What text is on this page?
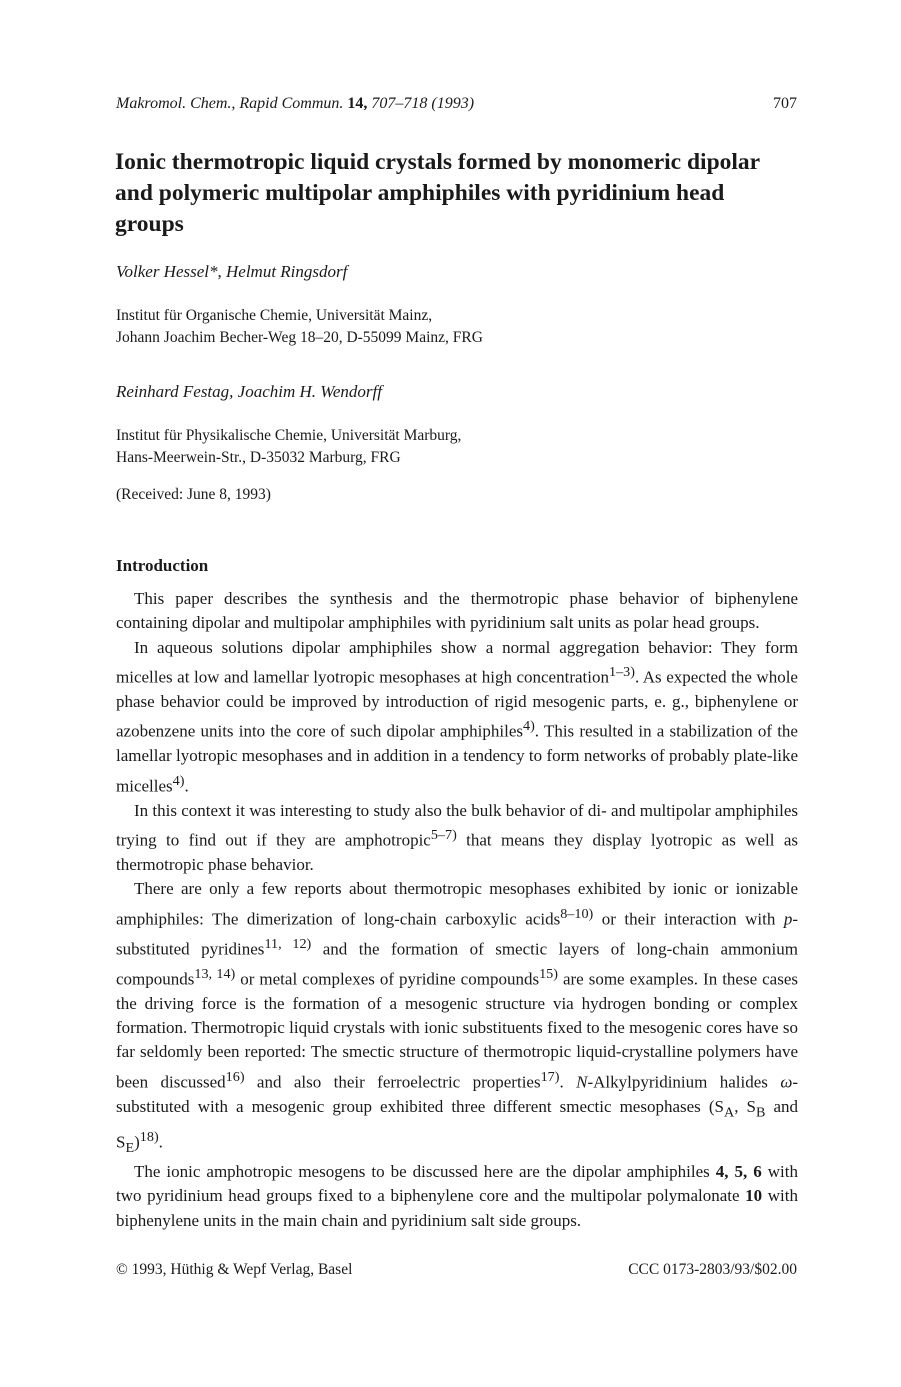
Makromol. Chem., Rapid Commun. 14, 707–718 (1993)	707
Ionic thermotropic liquid crystals formed by monomeric dipolar and polymeric multipolar amphiphiles with pyridinium head groups
Volker Hessel*, Helmut Ringsdorf
Institut für Organische Chemie, Universität Mainz,
Johann Joachim Becher-Weg 18–20, D-55099 Mainz, FRG
Reinhard Festag, Joachim H. Wendorff
Institut für Physikalische Chemie, Universität Marburg,
Hans-Meerwein-Str., D-35032 Marburg, FRG
(Received: June 8, 1993)
Introduction

This paper describes the synthesis and the thermotropic phase behavior of biphenylene containing dipolar and multipolar amphiphiles with pyridinium salt units as polar head groups.

In aqueous solutions dipolar amphiphiles show a normal aggregation behavior: They form micelles at low and lamellar lyotropic mesophases at high concentration$^{1-3)}$. As expected the whole phase behavior could be improved by introduction of rigid mesogenic parts, e. g., biphenylene or azobenzene units into the core of such dipolar amphiphiles$^{4)}$. This resulted in a stabilization of the lamellar lyotropic mesophases and in addition in a tendency to form networks of probably plate-like micelles$^{4)}$.

In this context it was interesting to study also the bulk behavior of di- and multipolar amphiphiles trying to find out if they are amphotropic$^{5-7)}$ that means they display lyotropic as well as thermotropic phase behavior.

There are only a few reports about thermotropic mesophases exhibited by ionic or ionizable amphiphiles: The dimerization of long-chain carboxylic acids$^{8-10)}$ or their interaction with p-substituted pyridines$^{11, 12)}$ and the formation of smectic layers of long-chain ammonium compounds$^{13, 14)}$ or metal complexes of pyridine compounds$^{15)}$ are some examples. In these cases the driving force is the formation of a mesogenic structure via hydrogen bonding or complex formation. Thermotropic liquid crystals with ionic substituents fixed to the mesogenic cores have so far seldomly been reported: The smectic structure of thermotropic liquid-crystalline polymers have been discussed$^{16)}$ and also their ferroelectric properties$^{17)}$. N-Alkylpyridinium halides ω-substituted with a mesogenic group exhibited three different smectic mesophases ($S_A$, $S_B$ and $S_E)^{18)}$.

The ionic amphotropic mesogens to be discussed here are the dipolar amphiphiles 4, 5, 6 with two pyridinium head groups fixed to a biphenylene core and the multipolar polymalonate 10 with biphenylene units in the main chain and pyridinium salt side groups.

© 1993, Hüthig & Wepf Verlag, Basel	CCC 0173-2803/93/$02.00
